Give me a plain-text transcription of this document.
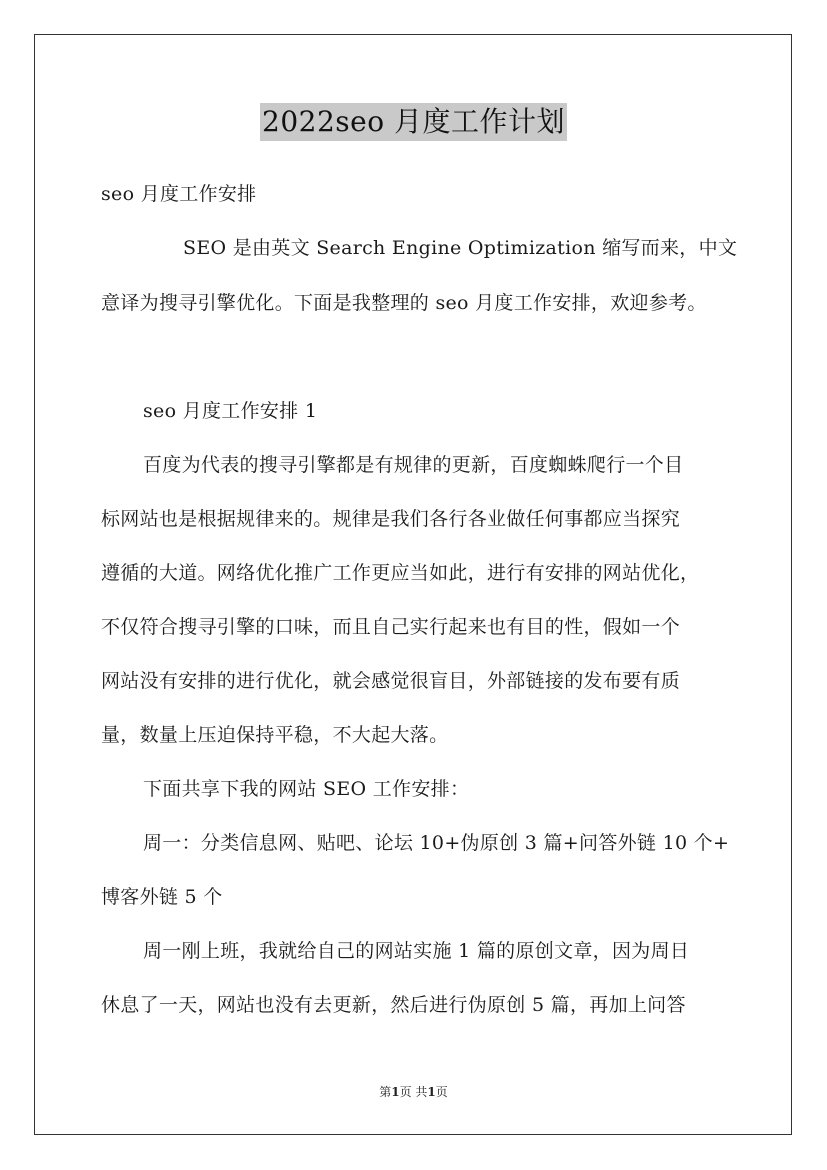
2022seo 月度工作计划
seo 月度工作安排
SEO 是由英文 Search Engine Optimization 缩写而来，中文
意译为搜寻引擎优化。下面是我整理的 seo 月度工作安排，欢迎参考。
seo 月度工作安排 1
百度为代表的搜寻引擎都是有规律的更新，百度蜘蛛爬行一个目
标网站也是根据规律来的。规律是我们各行各业做任何事都应当探究
遵循的大道。网络优化推广工作更应当如此，进行有安排的网站优化，
不仅符合搜寻引擎的口味，而且自己实行起来也有目的性，假如一个
网站没有安排的进行优化，就会感觉很盲目，外部链接的发布要有质
量，数量上压迫保持平稳，不大起大落。
下面共享下我的网站 SEO 工作安排：
周一：分类信息网、贴吧、论坛 10+伪原创 3 篇+问答外链 10 个+
博客外链 5 个
周一刚上班，我就给自己的网站实施 1 篇的原创文章，因为周日
休息了一天，网站也没有去更新，然后进行伪原创 5 篇，再加上问答
第1页 共1页
